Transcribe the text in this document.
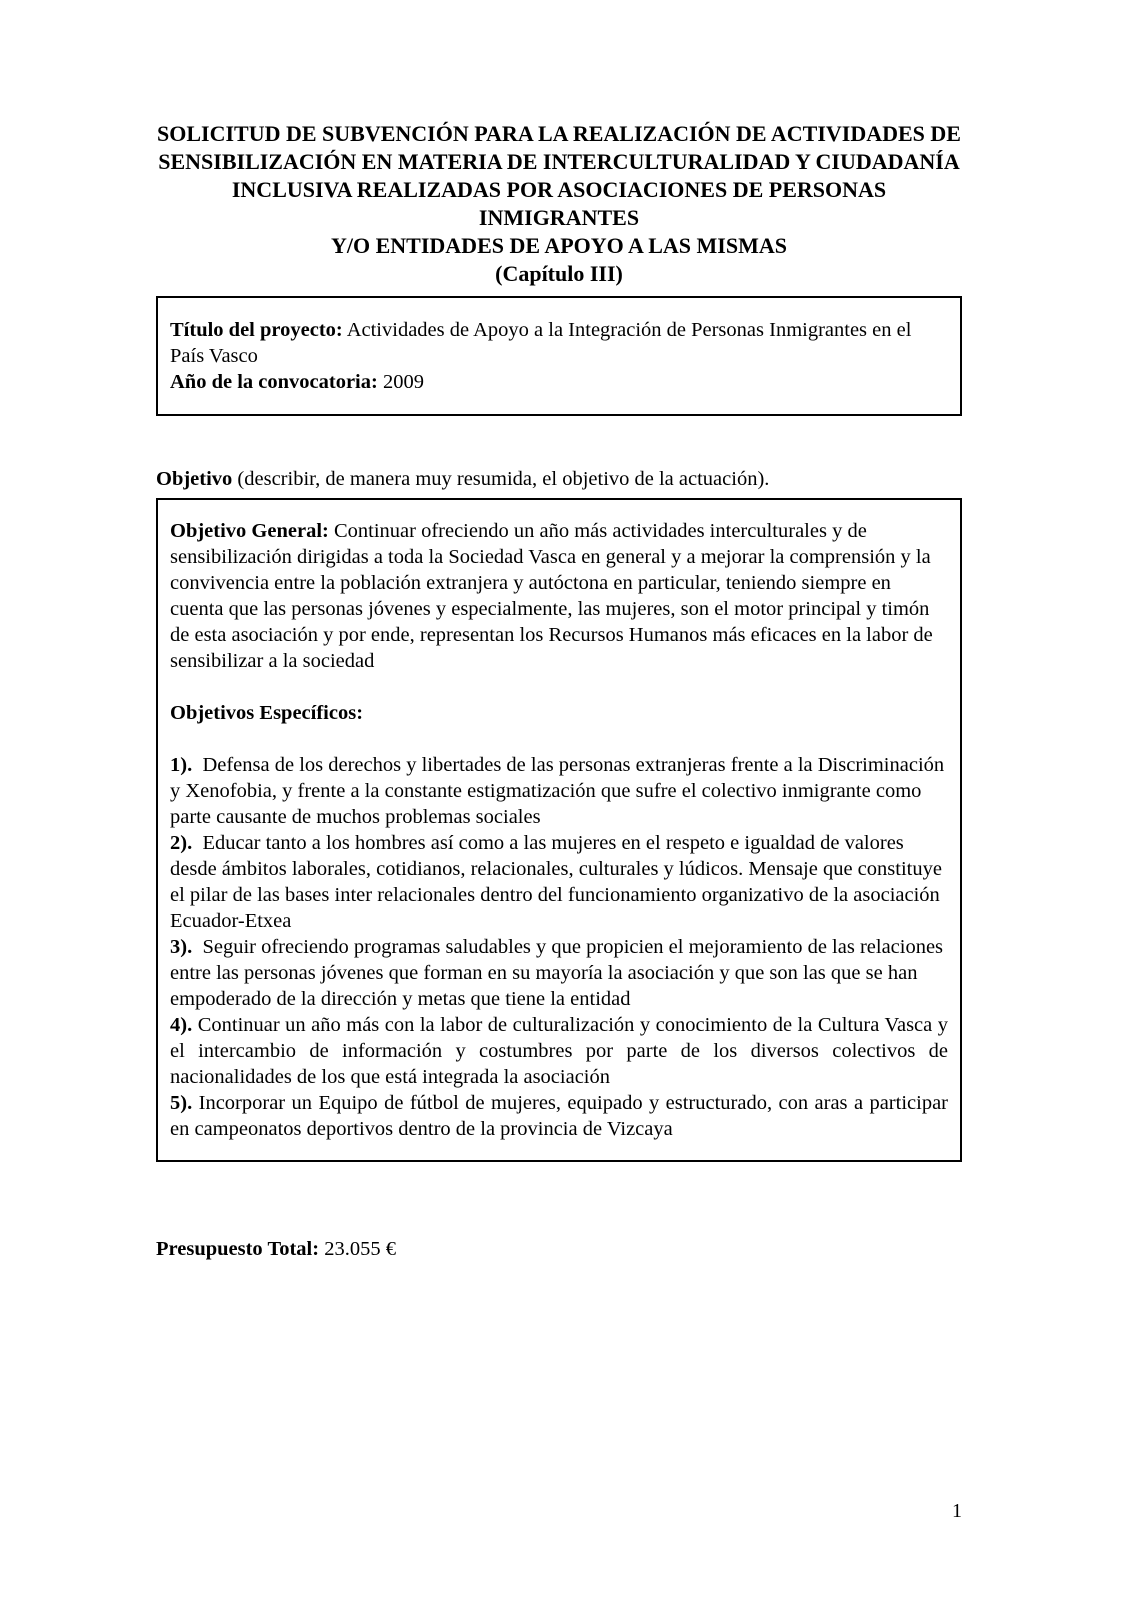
SOLICITUD DE SUBVENCIÓN PARA LA REALIZACIÓN DE ACTIVIDADES DE
SENSIBILIZACIÓN EN MATERIA DE INTERCULTURALIDAD Y CIUDADANÍA
INCLUSIVA REALIZADAS POR ASOCIACIONES DE PERSONAS INMIGRANTES
Y/O ENTIDADES DE APOYO A LAS MISMAS
(Capítulo III)

Título del proyecto: Actividades de Apoyo a la Integración de Personas Inmigrantes en el País Vasco

Año de la convocatoria: 2009

Objetivo (describir, de manera muy resumida, el objetivo de la actuación).

Objetivo General: Continuar ofreciendo un año más actividades interculturales y de sensibilización dirigidas a toda la Sociedad Vasca en general y a mejorar la comprensión y la convivencia entre la población extranjera y autóctona en particular, teniendo siempre en cuenta que las personas jóvenes y especialmente, las mujeres, son el motor principal y timón de esta asociación y por ende, representan los Recursos Humanos más eficaces en la labor de sensibilizar a la sociedad

Objetivos Específicos:

1).  Defensa de los derechos y libertades de las personas extranjeras frente a la Discriminación y Xenofobia, y frente a la constante estigmatización que sufre el colectivo inmigrante como parte causante de muchos problemas sociales

2).  Educar tanto a los hombres así como a las mujeres en el respeto e igualdad de valores desde ámbitos laborales, cotidianos, relacionales, culturales y lúdicos. Mensaje que constituye el pilar de las bases inter relacionales dentro del funcionamiento organizativo de la asociación Ecuador-Etxea

3).  Seguir ofreciendo programas saludables y que propicien el mejoramiento de las relaciones entre las personas jóvenes que forman en su mayoría la asociación y que son las que se han empoderado de la dirección y metas que tiene la entidad

4). Continuar un año más con la labor de culturalización y conocimiento de la Cultura Vasca y el intercambio de información y costumbres por parte de los diversos colectivos de nacionalidades de los que está integrada la asociación

5). Incorporar un Equipo de fútbol de mujeres, equipado y estructurado, con aras a participar en campeonatos deportivos dentro de la provincia de Vizcaya

Presupuesto Total: 23.055 €

1
